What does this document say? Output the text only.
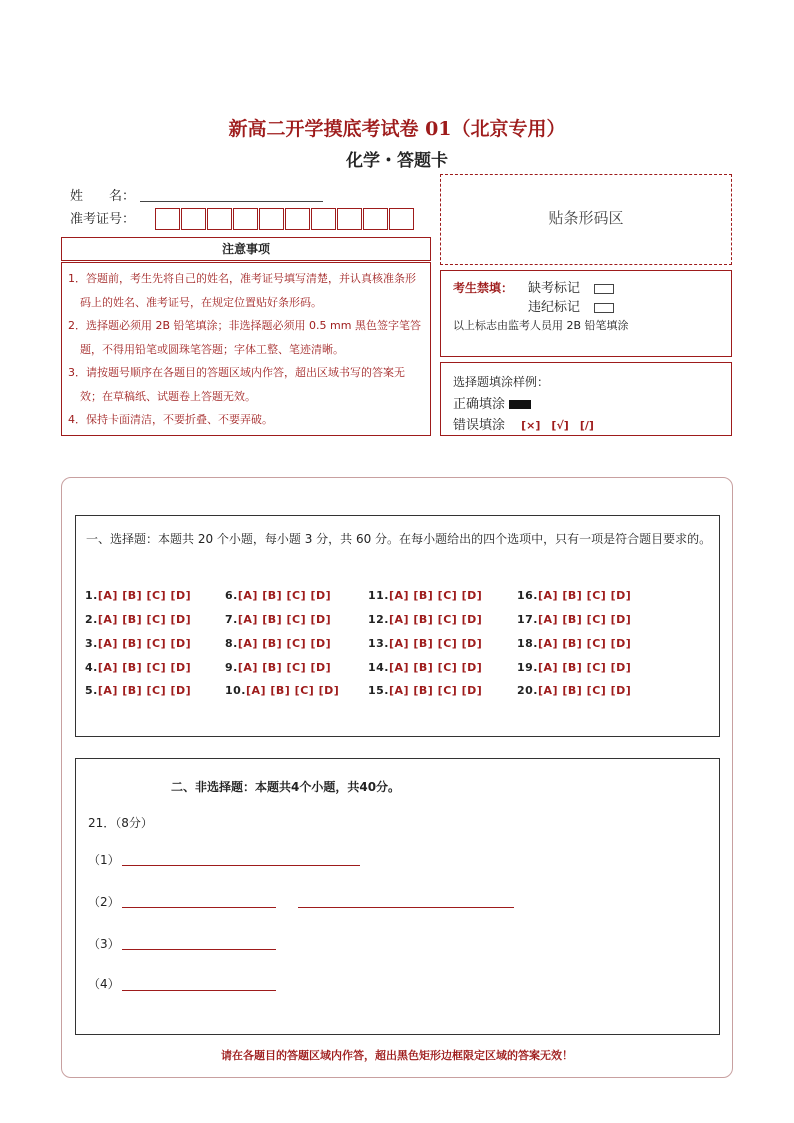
新高二开学摸底考试卷 01（北京专用）
化学・答题卡
姓　　名：
准考证号：	贴条形码区
注意事项
1．答题前，考生先将自己的姓名，准考证号填写清楚，并认真核准条形码上的姓名、准考证号，在规定位置贴好条形码。
2．选择题必须用 2B 铅笔填涂；非选择题必须用 0.5 mm 黑色签字笔答题，不得用铅笔或圆珠笔答题；字体工整、笔迹清晰。
3．请按题号顺序在各题目的答题区域内作答，超出区域书写的答案无效；在草稿纸、试题卷上答题无效。
4．保持卡面清洁，不要折叠、不要弄破。
考生禁填： 缺考标记
违纪标记
以上标志由监考人员用 2B 铅笔填涂
选择题填涂样例：
正确填涂
错误填涂 [×]　[√]　[/]
一、选择题：本题共 20 个小题，每小题 3 分，共 60 分。在每小题给出的四个选项中，只有一项是符合题目要求的。
1.[A] [B] [C] [D]
2.[A] [B] [C] [D]
3.[A] [B] [C] [D]
4.[A] [B] [C] [D]
5.[A] [B] [C] [D]
6.[A] [B] [C] [D]
7.[A] [B] [C] [D]
8.[A] [B] [C] [D]
9.[A] [B] [C] [D]
10.[A] [B] [C] [D]
11.[A] [B] [C] [D]
12.[A] [B] [C] [D]
13.[A] [B] [C] [D]
14.[A] [B] [C] [D]
15.[A] [B] [C] [D]
16.[A] [B] [C] [D]
17.[A] [B] [C] [D]
18.[A] [B] [C] [D]
19.[A] [B] [C] [D]
20.[A] [B] [C] [D]
二、非选择题：本题共4个小题，共40分。
21．（8分）
（1）
（2）
（3）
（4）
请在各题目的答题区域内作答，超出黑色矩形边框限定区域的答案无效！
